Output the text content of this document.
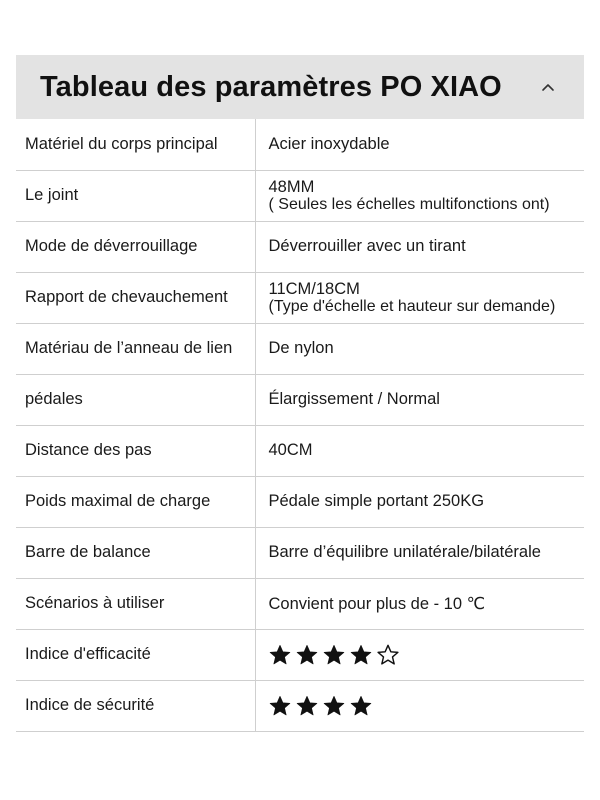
Tableau des paramètres PO XIAO
Matériel du corps principal	Acier inoxydable
Le joint	48MM
( Seules les échelles multifonctions ont)

Mode de déverrouillage	Déverrouiller avec un tirant
Rapport de chevauchement	11CM/18CM
(Type d'échelle et hauteur sur demande)

Matériau de l’anneau de lien	De nylon
pédales	Élargissement / Normal
Distance des pas	40CM
Poids maximal de charge	Pédale simple portant 250KG
Barre de balance	Barre d’équilibre unilatérale/bilatérale
Scénarios à utiliser	Convient pour plus de - 10 ℃
Indice d'efficacité	

Indice de sécurité	
